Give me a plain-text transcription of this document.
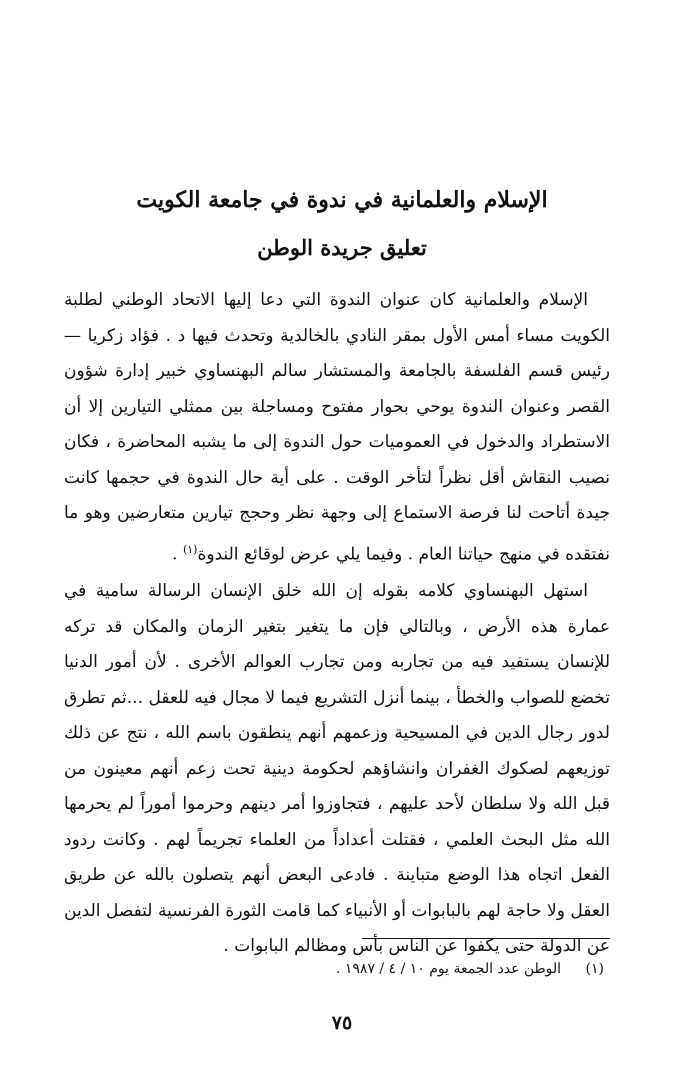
الإسلام والعلمانية في ندوة في جامعة الكويت
تعليق جريدة الوطن

الإسلام والعلمانية كان عنوان الندوة التي دعا إليها الاتحاد الوطني لطلبة الكويت مساء أمس الأول بمقر النادي بالخالدية وتحدث فيها د . فؤاد زكريا — رئيس قسم الفلسفة بالجامعة والمستشار سالم البهنساوي خبير إدارة شؤون القصر وعنوان الندوة يوحي بحوار مفتوح ومساجلة بين ممثلي التيارين إلا أن الاستطراد والدخول في العموميات حول الندوة إلى ما يشبه المحاضرة ، فكان نصيب النقاش أقل نظراً لتأخر الوقت . على أية حال الندوة في حجمها كانت جيدة أتاحت لنا فرصة الاستماع إلى وجهة نظر وحجج تيارين متعارضين وهو ما نفتقده في منهج حياتنا العام . وفيما يلي عرض لوقائع الندوة$^{(١)}$ .

استهل البهنساوي كلامه بقوله إن الله خلق الإنسان الرسالة سامية في عمارة هذه الأرض ، وبالتالي فإن ما يتغير بتغير الزمان والمكان قد تركه للإنسان يستفيد فيه من تجاربه ومن تجارب العوالم الأخرى . لأن أمور الدنيا تخضع للصواب والخطأ ، بينما أنزل التشريع فيما لا مجال فيه للعقل ...ثم تطرق لدور رجال الدين في المسيحية وزعمهم أنهم ينطقون باسم الله ، نتج عن ذلك توزيعهم لصكوك الغفران وانشاؤهم لحكومة دينية تحت زعم أنهم معينون من قبل الله ولا سلطان لأحد عليهم ، فتجاوزوا أمر دينهم وحرموا أموراً لم يحرمها الله مثل البحث العلمي ، فقتلت أعداداً من العلماء تجريماً لهم . وكانت ردود الفعل اتجاه هذا الوضع متباينة . فادعى البعض أنهم يتصلون بالله عن طريق العقل ولا حاجة لهم بالبابوات أو الأنبياء كما قامت الثورة الفرنسية لتفصل الدين عن الدولة حتى يكفوا عن الناس بأس ومظالم البابوات .

(١) الوطن عدد الجمعة يوم ١٠ / ٤ / ١٩٨٧ .
٧٥
